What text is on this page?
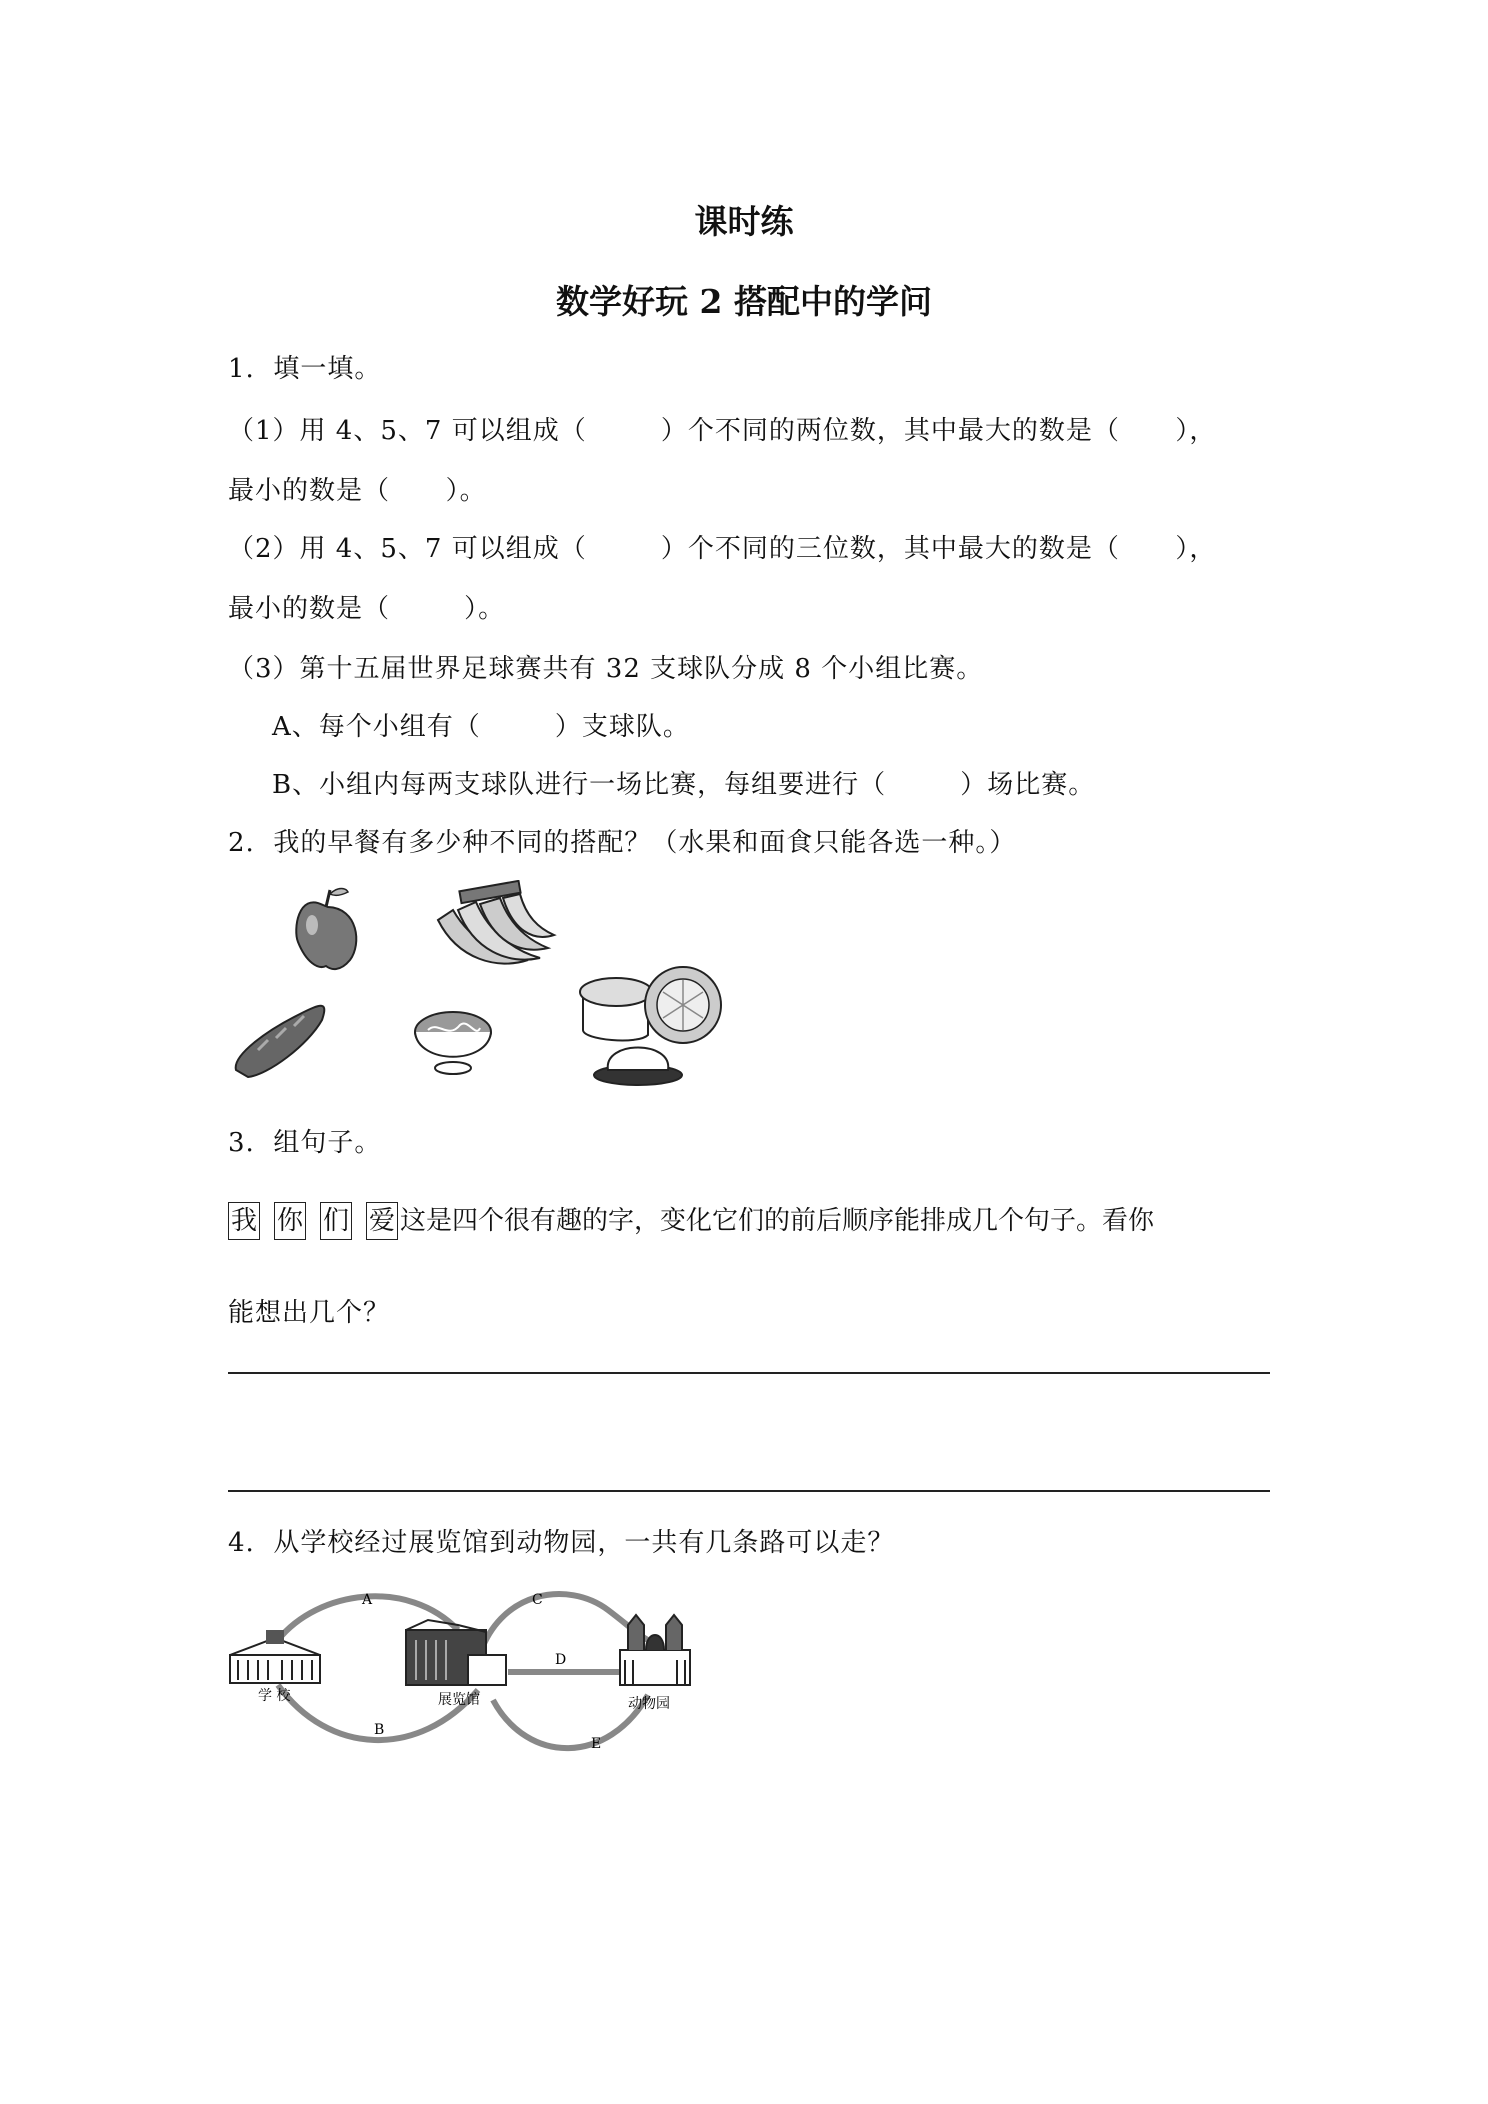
课时练
数学好玩 2 搭配中的学问
1.  填一填。
（1）用 4、5、7 可以组成（        ）个不同的两位数，其中最大的数是（      ），
最小的数是（      ）。
（2）用 4、5、7 可以组成（        ）个不同的三位数，其中最大的数是（      ），
最小的数是（        ）。
（3）第十五届世界足球赛共有 32 支球队分成 8 个小组比赛。
A、每个小组有（        ）支球队。
B、小组内每两支球队进行一场比赛，每组要进行（        ）场比赛。
2.  我的早餐有多少种不同的搭配？（水果和面食只能各选一种。）
3.  组句子。
我 你 们 爱 这是四个很有趣的字，变化它们的前后顺序能排成几个句子。看你
能想出几个？
4.  从学校经过展览馆到动物园，一共有几条路可以走？
学 校	展览馆	动物园
A
B
C
D
E
